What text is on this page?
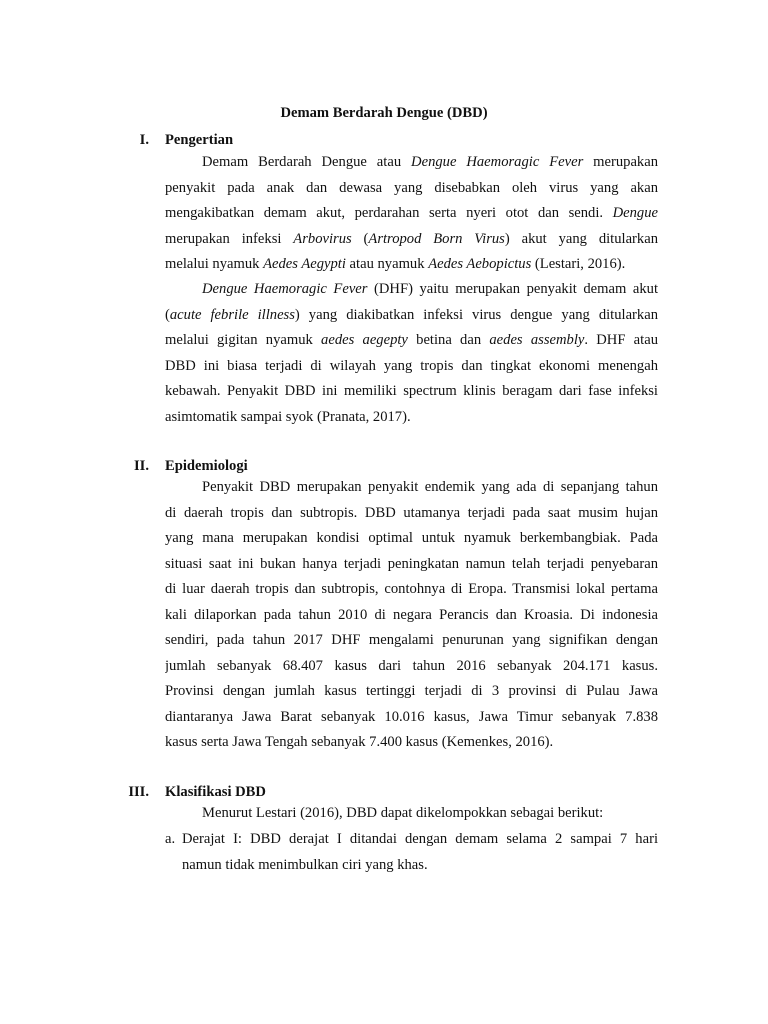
Demam Berdarah Dengue (DBD)
I. Pengertian
Demam Berdarah Dengue atau Dengue Haemoragic Fever merupakan
penyakit pada anak dan dewasa yang disebabkan oleh virus yang akan
mengakibatkan demam akut, perdarahan serta nyeri otot dan sendi. Dengue
merupakan infeksi Arbovirus (Artropod Born Virus) akut yang ditularkan
melalui nyamuk Aedes Aegypti atau nyamuk Aedes Aebopictus (Lestari, 2016).
Dengue Haemoragic Fever (DHF) yaitu merupakan penyakit demam akut
(acute febrile illness) yang diakibatkan infeksi virus dengue yang ditularkan
melalui gigitan nyamuk aedes aegepty betina dan aedes assembly. DHF atau
DBD ini biasa terjadi di wilayah yang tropis dan tingkat ekonomi menengah
kebawah. Penyakit DBD ini memiliki spectrum klinis beragam dari fase infeksi
asimtomatik sampai syok (Pranata, 2017).
II. Epidemiologi
Penyakit DBD merupakan penyakit endemik yang ada di sepanjang tahun
di daerah tropis dan subtropis. DBD utamanya terjadi pada saat musim hujan
yang mana merupakan kondisi optimal untuk nyamuk berkembangbiak. Pada
situasi saat ini bukan hanya terjadi peningkatan namun telah terjadi penyebaran
di luar daerah tropis dan subtropis, contohnya di Eropa. Transmisi lokal pertama
kali dilaporkan pada tahun 2010 di negara Perancis dan Kroasia. Di indonesia
sendiri, pada tahun 2017 DHF mengalami penurunan yang signifikan dengan
jumlah sebanyak 68.407 kasus dari tahun 2016 sebanyak 204.171 kasus.
Provinsi dengan jumlah kasus tertinggi terjadi di 3 provinsi di Pulau Jawa
diantaranya Jawa Barat sebanyak 10.016 kasus, Jawa Timur sebanyak 7.838
kasus serta Jawa Tengah sebanyak 7.400 kasus (Kemenkes, 2016).
III. Klasifikasi DBD
Menurut Lestari (2016), DBD dapat dikelompokkan sebagai berikut:
a. Derajat I: DBD derajat I ditandai dengan demam selama 2 sampai 7 hari
namun tidak menimbulkan ciri yang khas.
